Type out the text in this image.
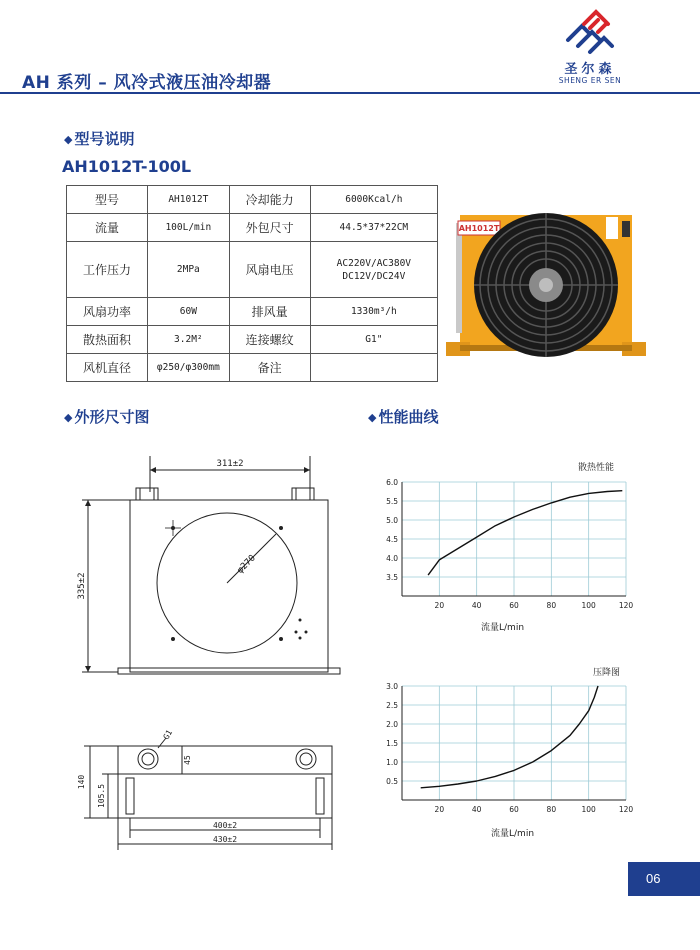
AH 系列 – 风冷式液压油冷却器
圣尔森
SHENG ER SEN
◆ 型号说明
AH1012T-100L
型号	AH1012T	冷却能力	6000Kcal/h
流量	100L/min	外包尺寸	44.5*37*22CM
工作压力	2MPa	风扇电压	AC220V/AC380V
DC12V/DC24V

风扇功率	60W	排风量	1330m³/h
散热面积	3.2M²	连接螺纹	G1"
风机直径	φ250/φ300mm	备注	
AH1012T
◆ 外形尺寸图	◆ 性能曲线
311±2
335±2
φ270
G1
45
140
105.5
400±2
430±2
散热性能
20	40	60	80	100	120
3.5
4.0
4.5
5.0
5.5
6.0
流量L/min
压降图
20	40	60	80	100	120
0.5
1.0
1.5
2.0
2.5
3.0
流量L/min
06
